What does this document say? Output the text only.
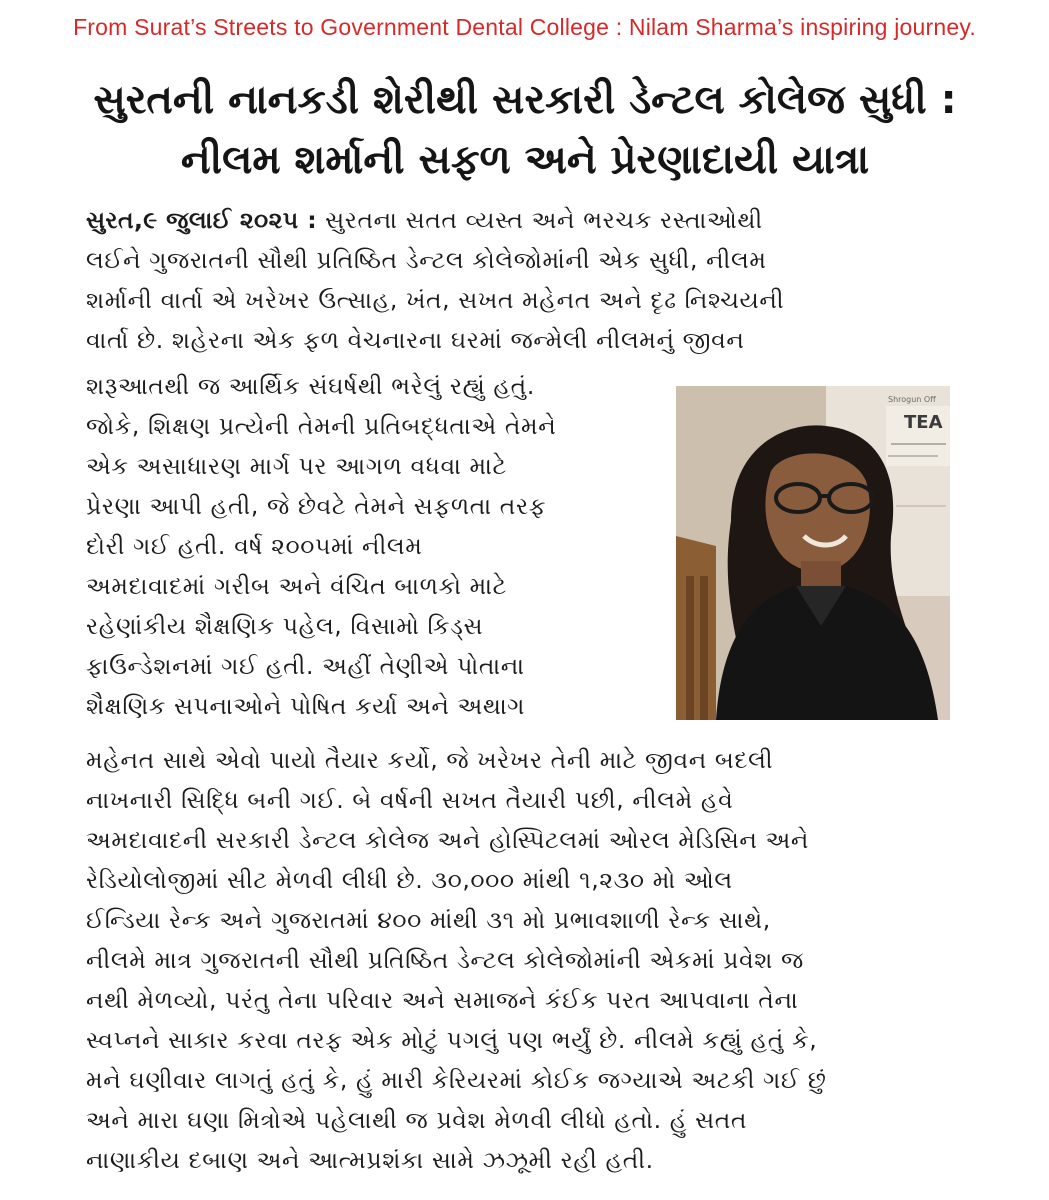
From Surat’s Streets to Government Dental College : Nilam Sharma’s inspiring journey.
સુરતની નાનકડી શેરીથી સરકારી ડેન્ટલ કોલેજ સુધી :
નીલમ શર્માની સફળ અને પ્રેરણાદાયી યાત્રા
સુરત,૯ જુલાઈ ૨૦૨૫ : સુરતના સતત વ્યસ્ત અને ભરચક રસ્તાઓથી
લઈને ગુજરાતની સૌથી પ્રતિષ્ઠિત ડેન્ટલ કોલેજોમાંની એક સુધી, નીલમ
શર્માની વાર્તા એ ખરેખર ઉત્સાહ, ખંત, સખત મહેનત અને દૃઢ નિશ્ચયની
વાર્તા છે. શહેરના એક ફળ વેચનારના ઘરમાં જન્મેલી નીલમનું જીવન
શરૂઆતથી જ આર્થિક સંઘર્ષથી ભરેલું રહ્યું હતું.
જોકે, શિક્ષણ પ્રત્યેની તેમની પ્રતિબદ્ધતાએ તેમને
એક અસાધારણ માર્ગ પર આગળ વધવા માટે
પ્રેરણા આપી હતી, જે છેવટે તેમને સફળતા તરફ
દોરી ગઈ હતી. વર્ષ ૨૦૦૫માં નીલમ
અમદાવાદમાં ગરીબ અને વંચિત બાળકો માટે
રહેણાંકીય શૈક્ષણિક પહેલ, વિસામો કિડ્સ
ફાઉન્ડેશનમાં ગઈ હતી. અહીં તેણીએ પોતાના
શૈક્ષણિક સપનાઓને પોષિત કર્યા અને અથાગ
TEA
Shrogun Off
મહેનત સાથે એવો પાયો તૈયાર કર્યો, જે ખરેખર તેની માટે જીવન બદલી
નાખનારી સિદ્ધિ બની ગઈ. બે વર્ષની સખત તૈયારી પછી, નીલમે હવે
અમદાવાદની સરકારી ડેન્ટલ કોલેજ અને હોસ્પિટલમાં ઓરલ મેડિસિન અને
રેડિયોલોજીમાં સીટ મેળવી લીધી છે. ૩૦,૦૦૦ માંથી ૧,૨૩૦ મો ઓલ
ઈન્ડિયા રેન્ક અને ગુજરાતમાં ૪૦૦ માંથી ૩૧ મો પ્રભાવશાળી રેન્ક સાથે,
નીલમે માત્ર ગુજરાતની સૌથી પ્રતિષ્ઠિત ડેન્ટલ કોલેજોમાંની એકમાં પ્રવેશ જ
નથી મેળવ્યો, પરંતુ તેના પરિવાર અને સમાજને કંઈક પરત આપવાના તેના
સ્વપ્નને સાકાર કરવા તરફ એક મોટું પગલું પણ ભર્યું છે. નીલમે કહ્યું હતું કે,
મને ઘણીવાર લાગતું હતું કે, હું મારી કેરિયરમાં કોઈક જગ્યાએ અટકી ગઈ છું
અને મારા ઘણા મિત્રોએ પહેલાથી જ પ્રવેશ મેળવી લીધો હતો. હું સતત
નાણાકીય દબાણ અને આત્મપ્રશંકા સામે ઝઝૂમી રહી હતી.
